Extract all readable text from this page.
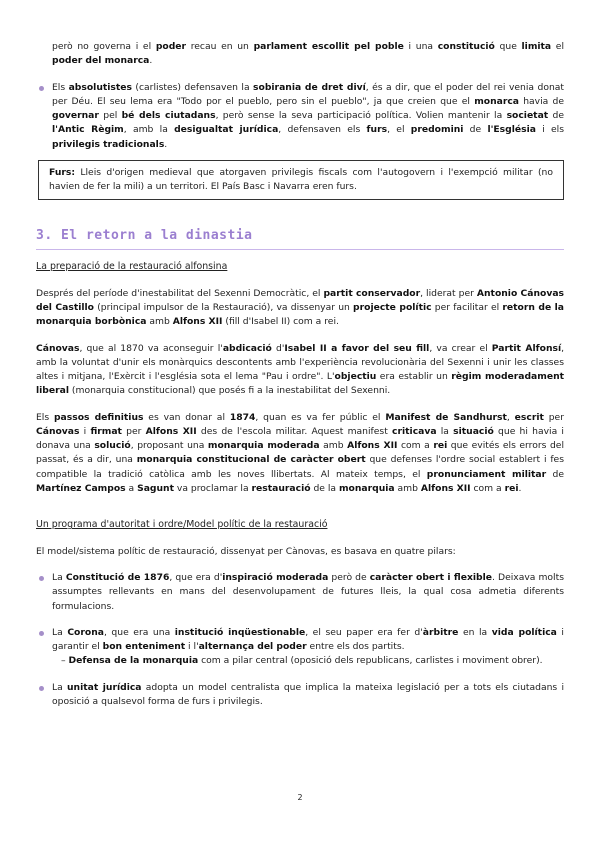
però no governa i el poder recau en un parlament escollit pel poble i una constitució que limita el poder del monarca.

Els absolutistes (carlistes) defensaven la sobirania de dret diví, és a dir, que el poder del rei venia donat per Déu. El seu lema era "Todo por el pueblo, pero sin el pueblo", ja que creien que el monarca havia de governar pel bé dels ciutadans, però sense la seva participació política. Volien mantenir la societat de l'Antic Règim, amb la desigualtat jurídica, defensaven els furs, el predomini de l'Església i els privilegis tradicionals.

Furs: Lleis d'origen medieval que atorgaven privilegis fiscals com l'autogovern i l'exempció militar (no havien de fer la mili) a un territori. El País Basc i Navarra eren furs.

3. El retorn a la dinastia
La preparació de la restauració alfonsina

Després del període d'inestabilitat del Sexenni Democràtic, el partit conservador, liderat per Antonio Cánovas del Castillo (principal impulsor de la Restauració), va dissenyar un projecte polític per facilitar el retorn de la monarquia borbònica amb Alfons XII (fill d'Isabel II) com a rei.

Cánovas, que al 1870 va aconseguir l'abdicació d'Isabel II a favor del seu fill, va crear el Partit Alfonsí, amb la voluntat d'unir els monàrquics descontents amb l'experiència revolucionària del Sexenni i unir les classes altes i mitjana, l'Exèrcit i l'església sota el lema "Pau i ordre". L'objectiu era establir un règim moderadament liberal (monarquia constitucional) que posés fi a la inestabilitat del Sexenni.

Els passos definitius es van donar al 1874, quan es va fer públic el Manifest de Sandhurst, escrit per Cánovas i firmat per Alfons XII des de l'escola militar. Aquest manifest criticava la situació que hi havia i donava una solució, proposant una monarquia moderada amb Alfons XII com a rei que evités els errors del passat, és a dir, una monarquia constitucional de caràcter obert que defenses l'ordre social establert i fes compatible la tradició catòlica amb les noves llibertats. Al mateix temps, el pronunciament militar de Martínez Campos a Sagunt va proclamar la restauració de la monarquia amb Alfons XII com a rei.

Un programa d'autoritat i ordre/Model polític de la restauració

El model/sistema polític de restauració, dissenyat per Cànovas, es basava en quatre pilars:

La Constitució de 1876, que era d'inspiració moderada però de caràcter obert i flexible. Deixava molts assumptes rellevants en mans del desenvolupament de futures lleis, la qual cosa admetia diferents formulacions.

La Corona, que era una institució inqüestionable, el seu paper era fer d'àrbitre en la vida política i garantir el bon enteniment i l'alternança del poder entre els dos partits.

– Defensa de la monarquia com a pilar central (oposició dels republicans, carlistes i moviment obrer).

La unitat jurídica adopta un model centralista que implica la mateixa legislació per a tots els ciutadans i oposició a qualsevol forma de furs i privilegis.

2
